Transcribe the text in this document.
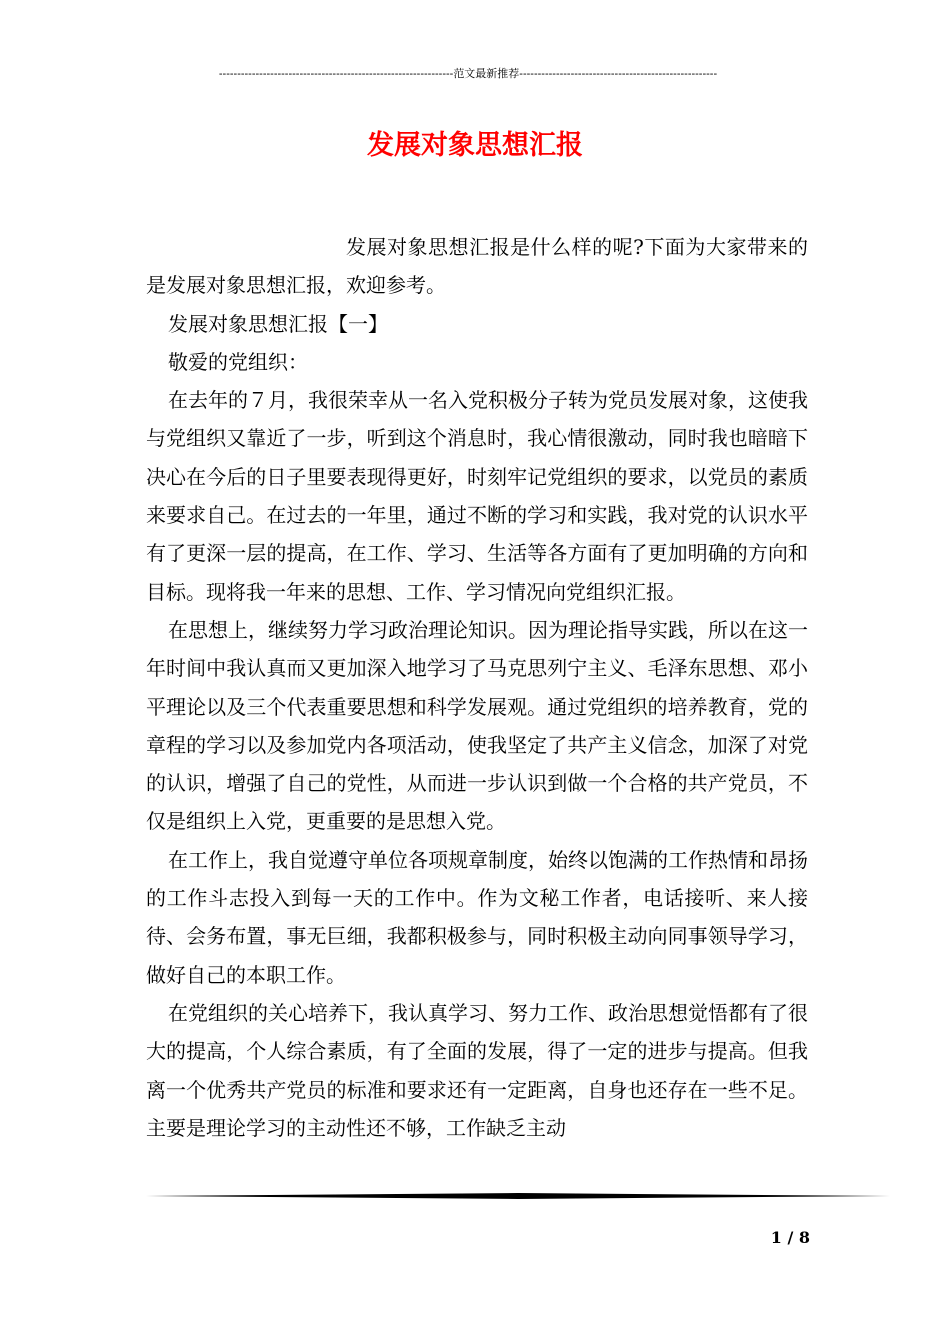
----------------------------------------------------------------范文最新推荐------------------------------------------------------
发展对象思想汇报

发展对象思想汇报是什么样的呢?下面为大家带来的是发展对象思想汇报，欢迎参考。

发展对象思想汇报【一】

敬爱的党组织：

在去年的７月，我很荣幸从一名入党积极分子转为党员发展对象，这使我与党组织又靠近了一步，听到这个消息时，我心情很激动，同时我也暗暗下决心在今后的日子里要表现得更好，时刻牢记党组织的要求，以党员的素质来要求自己。在过去的一年里，通过不断的学习和实践，我对党的认识水平有了更深一层的提高，在工作、学习、生活等各方面有了更加明确的方向和目标。现将我一年来的思想、工作、学习情况向党组织汇报。

在思想上，继续努力学习政治理论知识。因为理论指导实践，所以在这一年时间中我认真而又更加深入地学习了马克思列宁主义、毛泽东思想、邓小平理论以及三个代表重要思想和科学发展观。通过党组织的培养教育，党的章程的学习以及参加党内各项活动，使我坚定了共产主义信念，加深了对党的认识，增强了自己的党性，从而进一步认识到做一个合格的共产党员，不仅是组织上入党，更重要的是思想入党。

在工作上，我自觉遵守单位各项规章制度，始终以饱满的工作热情和昂扬的工作斗志投入到每一天的工作中。作为文秘工作者，电话接听、来人接待、会务布置，事无巨细，我都积极参与，同时积极主动向同事领导学习，做好自己的本职工作。

在党组织的关心培养下，我认真学习、努力工作、政治思想觉悟都有了很大的提高，个人综合素质，有了全面的发展，得了一定的进步与提高。但我离一个优秀共产党员的标准和要求还有一定距离，自身也还存在一些不足。主要是理论学习的主动性还不够，工作缺乏主动

1 / 8
